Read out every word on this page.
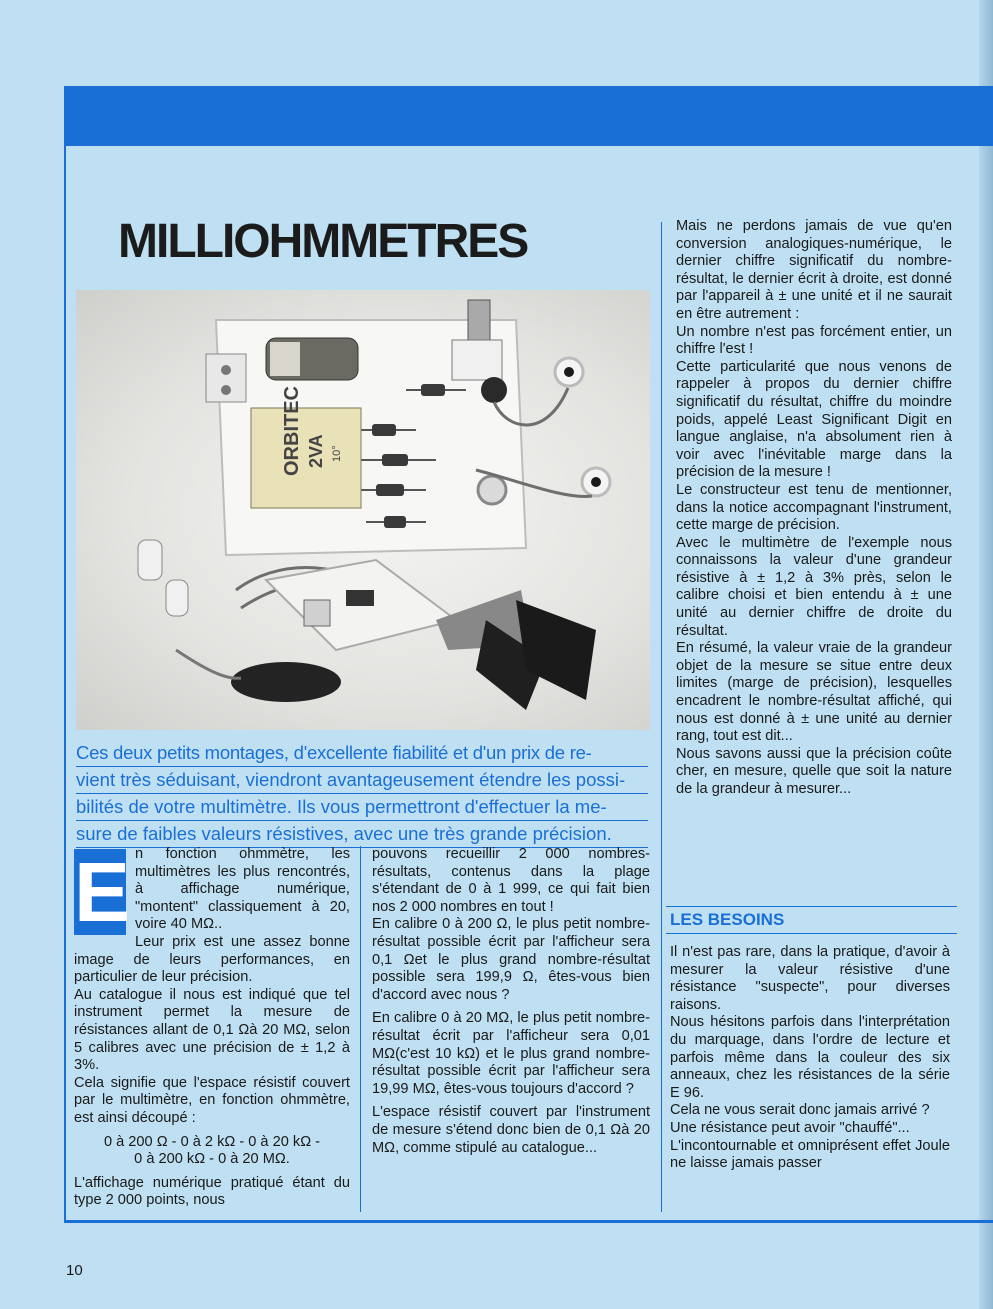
MILLIOHMMETRES
ORBITEC 2VA 10°
Ces deux petits montages, d'excellente fiabilité et d'un prix de re-
vient très séduisant, viendront avantageusement étendre les possi-
bilités de votre multimètre. Ils vous permettront d'effectuer la me-
sure de faibles valeurs résistives, avec une très grande précision.

E n fonction ohmmètre, les multimètres les plus rencontrés, à affichage numérique, "montent" classiquement à 20, voire 40 MΩ..

Leur prix est une assez bonne image de leurs performances, en particulier de leur précision.

Au catalogue il nous est indiqué que tel instrument permet la mesure de résistances allant de 0,1 Ωà 20 MΩ, selon 5 calibres avec une précision de ± 1,2 à 3%.

Cela signifie que l'espace résistif couvert par le multimètre, en fonction ohmmètre, est ainsi découpé :

0 à 200 Ω - 0 à 2 kΩ - 0 à 20 kΩ -

0 à 200 kΩ - 0 à 20 MΩ.

L'affichage numérique pratiqué étant du type 2 000 points, nous

pouvons recueillir 2 000 nombres-résultats, contenus dans la plage s'étendant de 0 à 1 999, ce qui fait bien nos 2 000 nombres en tout !

En calibre 0 à 200 Ω, le plus petit nombre-résultat possible écrit par l'afficheur sera 0,1 Ωet le plus grand nombre-résultat possible sera 199,9 Ω, êtes-vous bien d'accord avec nous ?

En calibre 0 à 20 MΩ, le plus petit nombre-résultat écrit par l'afficheur sera 0,01 MΩ(c'est 10 kΩ) et le plus grand nombre-résultat possible écrit par l'afficheur sera 19,99 MΩ, êtes-vous toujours d'accord ?

L'espace résistif couvert par l'instrument de mesure s'étend donc bien de 0,1 Ωà 20 MΩ, comme stipulé au catalogue...

Mais ne perdons jamais de vue qu'en conversion analogiques-numérique, le dernier chiffre significatif du nombre-résultat, le dernier écrit à droite, est donné par l'appareil à ± une unité et il ne saurait en être autrement :

Un nombre n'est pas forcément entier, un chiffre l'est !

Cette particularité que nous venons de rappeler à propos du dernier chiffre significatif du résultat, chiffre du moindre poids, appelé Least Significant Digit en langue anglaise, n'a absolument rien à voir avec l'inévitable marge dans la précision de la mesure !

Le constructeur est tenu de mentionner, dans la notice accompagnant l'instrument, cette marge de précision.

Avec le multimètre de l'exemple nous connaissons la valeur d'une grandeur résistive à ± 1,2 à 3% près, selon le calibre choisi et bien entendu à ± une unité au dernier chiffre de droite du résultat.

En résumé, la valeur vraie de la grandeur objet de la mesure se situe entre deux limites (marge de précision), lesquelles encadrent le nombre-résultat affiché, qui nous est donné à ± une unité au dernier rang, tout est dit...

Nous savons aussi que la précision coûte cher, en mesure, quelle que soit la nature de la grandeur à mesurer...

LES BESOINS

Il n'est pas rare, dans la pratique, d'avoir à mesurer la valeur résistive d'une résistance "suspecte", pour diverses raisons.

Nous hésitons parfois dans l'interprétation du marquage, dans l'ordre de lecture et parfois même dans la couleur des six anneaux, chez les résistances de la série E 96.

Cela ne vous serait donc jamais arrivé ?

Une résistance peut avoir "chauffé"...

L'incontournable et omniprésent effet Joule ne laisse jamais passer

10
